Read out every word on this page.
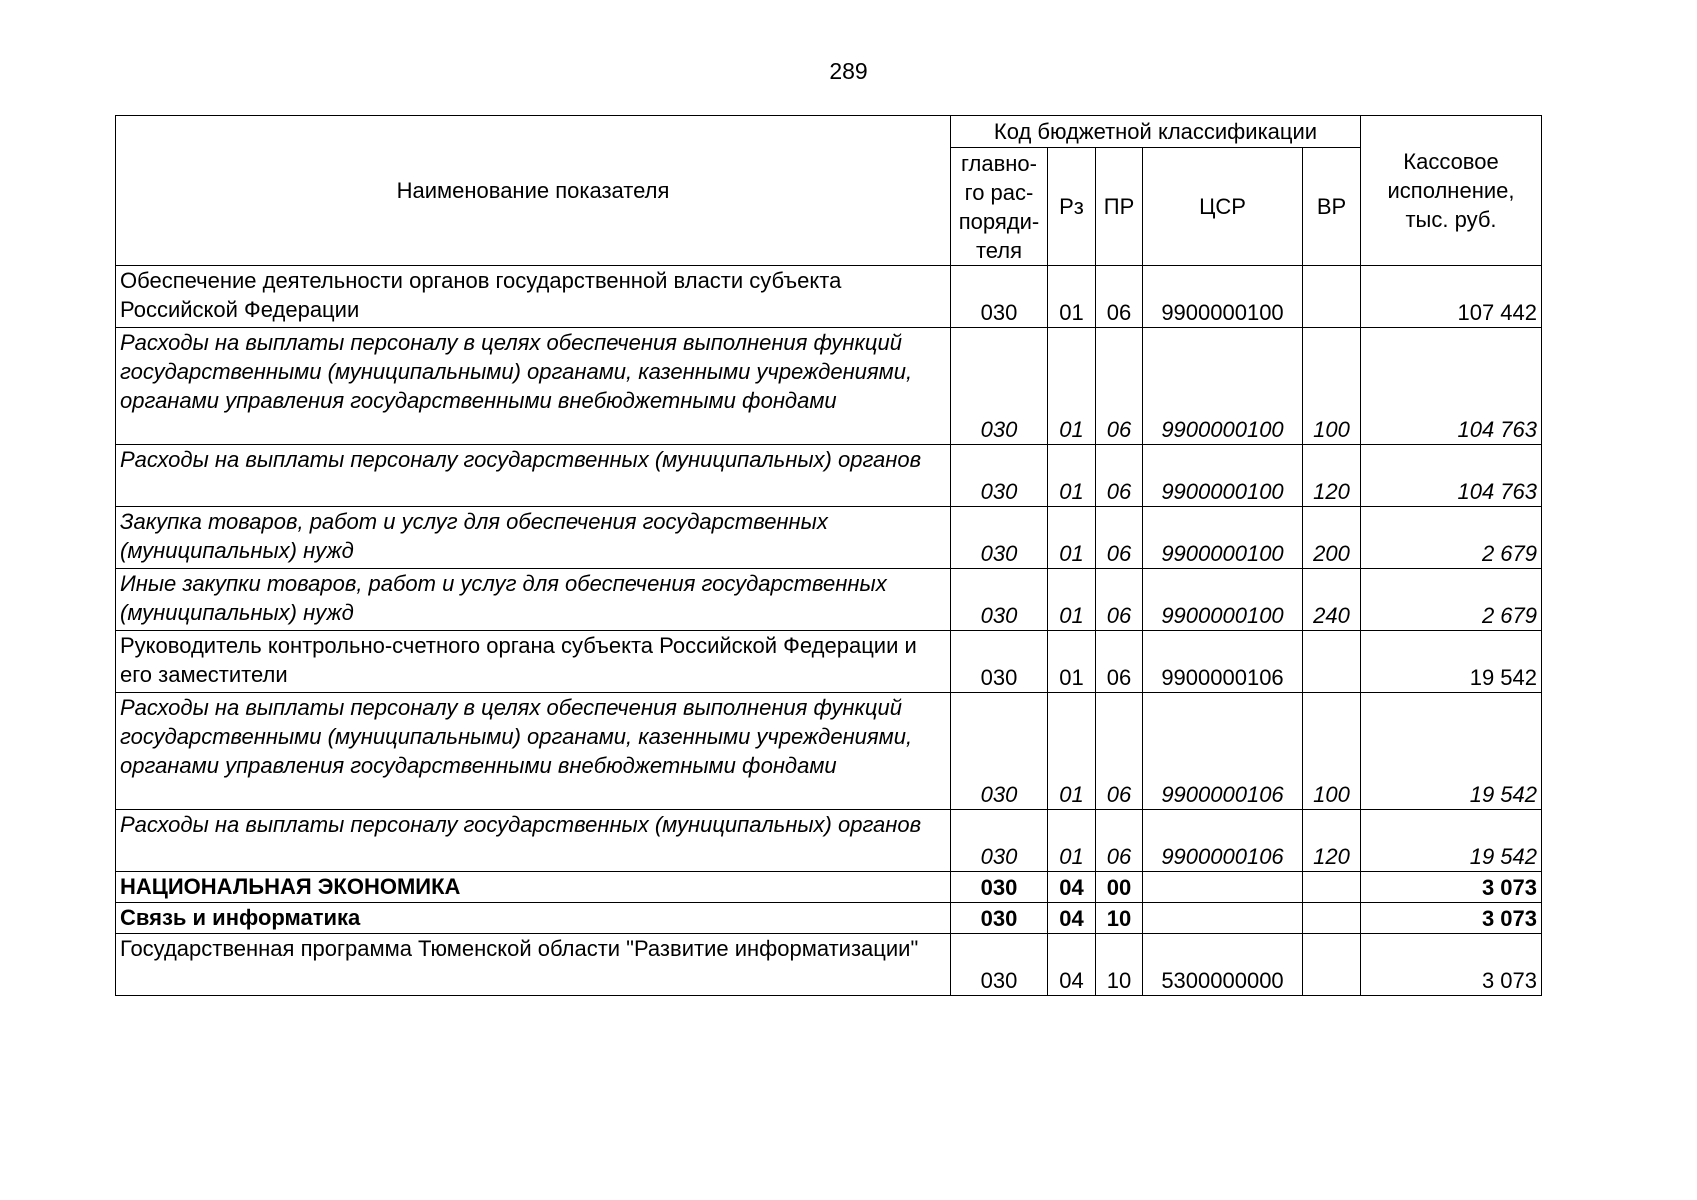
289
Наименование показателя	Код бюджетной классификации					Кассовое исполнение, тыс. руб.
	главно-го рас-поряди-теля	Рз	ПР	ЦСР	ВР	
Обеспечение деятельности органов государственной власти субъекта Российской Федерации	030	01	06	9900000100		107 442
Расходы на выплаты персоналу в целях обеспечения выполнения функций государственными (муниципальными) органами, казенными учреждениями, органами управления государственными внебюджетными фондами	030	01	06	9900000100	100	104 763
Расходы на выплаты персоналу государственных (муниципальных) органов	030	01	06	9900000100	120	104 763
Закупка товаров, работ и услуг для обеспечения государственных (муниципальных) нужд	030	01	06	9900000100	200	2 679
Иные закупки товаров, работ и услуг для обеспечения государственных (муниципальных) нужд	030	01	06	9900000100	240	2 679
Руководитель контрольно-счетного органа субъекта Российской Федерации и его заместители	030	01	06	9900000106		19 542
Расходы на выплаты персоналу в целях обеспечения выполнения функций государственными (муниципальными) органами, казенными учреждениями, органами управления государственными внебюджетными фондами	030	01	06	9900000106	100	19 542
Расходы на выплаты персоналу государственных (муниципальных) органов	030	01	06	9900000106	120	19 542
НАЦИОНАЛЬНАЯ ЭКОНОМИКА	030	04	00			3 073
Связь и информатика	030	04	10			3 073
Государственная программа Тюменской области "Развитие информатизации"	030	04	10	5300000000		3 073
